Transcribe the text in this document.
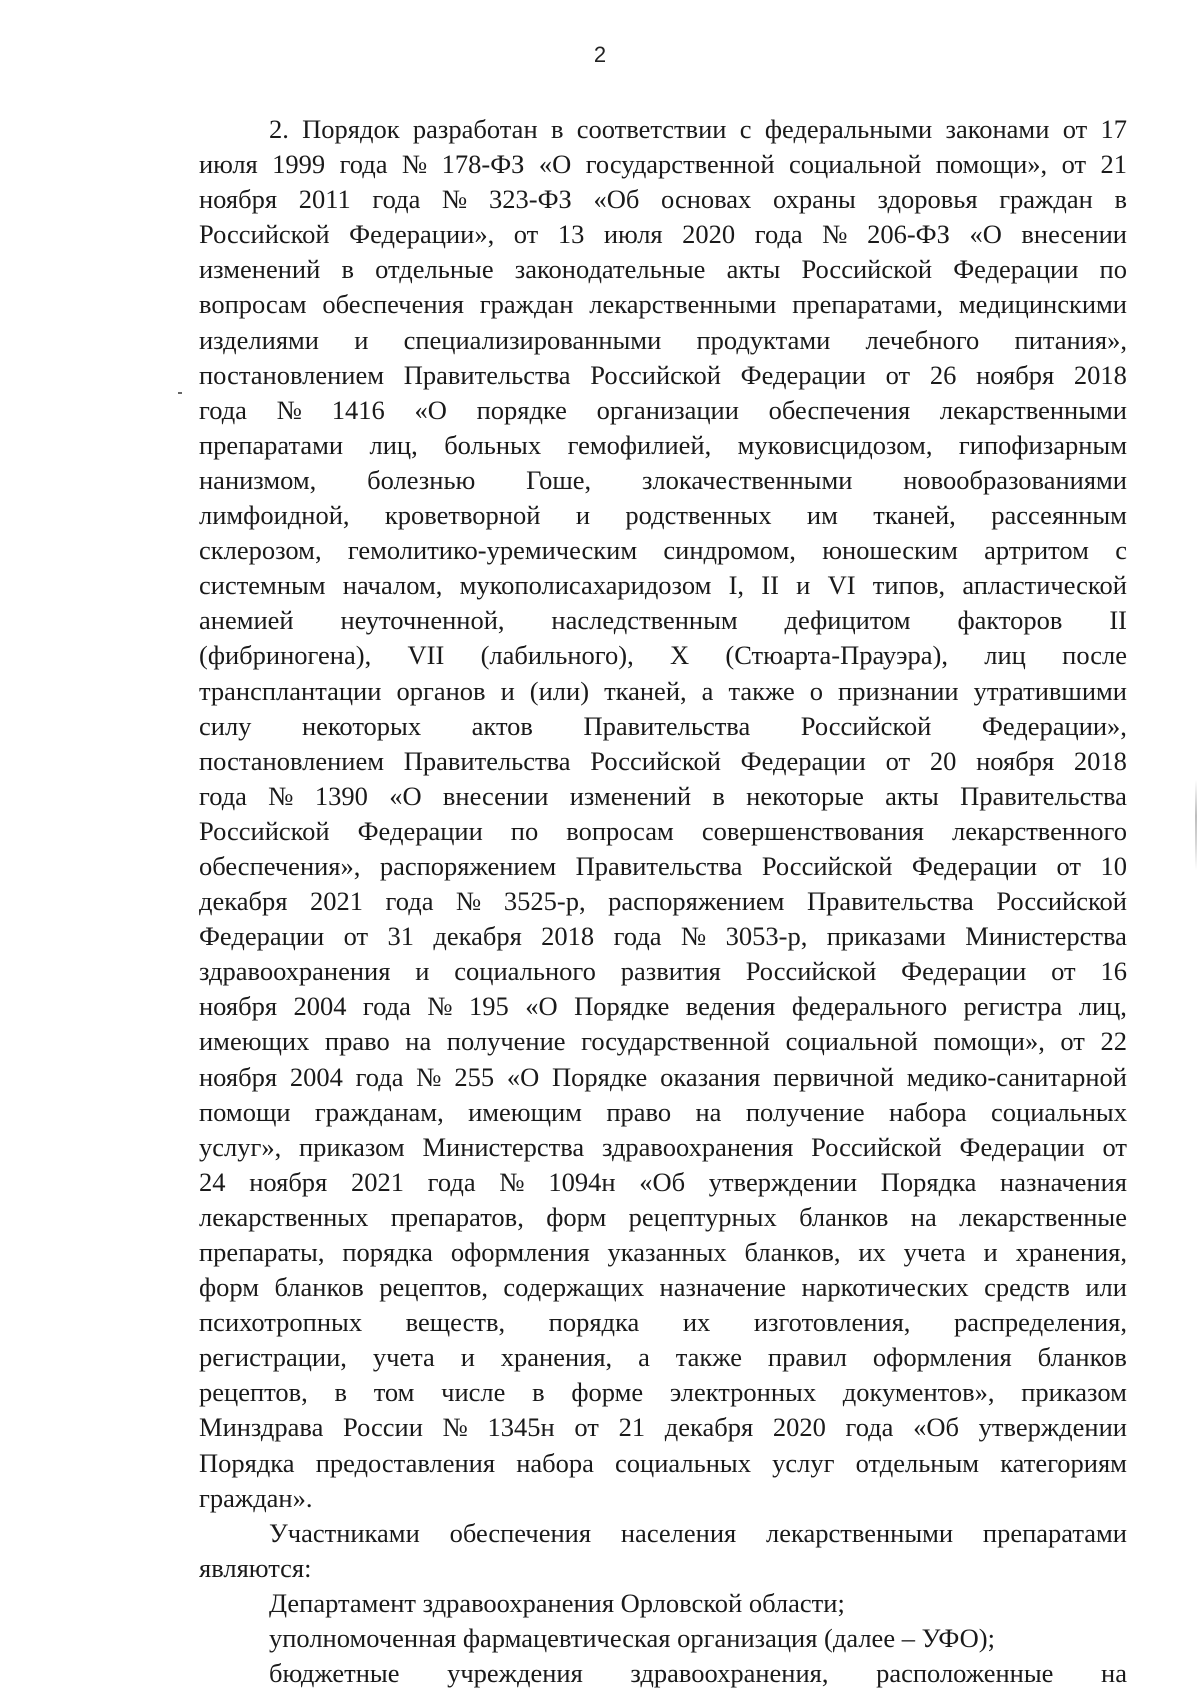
2
2. Порядок разработан в соответствии с федеральными законами от 17
июля 1999 года № 178-ФЗ «О государственной социальной помощи», от 21
ноября 2011 года № 323-ФЗ «Об основах охраны здоровья граждан в
Российской Федерации», от 13 июля 2020 года № 206-ФЗ «О внесении
изменений в отдельные законодательные акты Российской Федерации по
вопросам обеспечения граждан лекарственными препаратами, медицинскими
изделиями и специализированными продуктами лечебного питания»,
постановлением Правительства Российской Федерации от 26 ноября 2018
года № 1416 «О порядке организации обеспечения лекарственными
препаратами лиц, больных гемофилией, муковисцидозом, гипофизарным
нанизмом, болезнью Гоше, злокачественными новообразованиями
лимфоидной, кроветворной и родственных им тканей, рассеянным
склерозом, гемолитико-уремическим синдромом, юношеским артритом с
системным началом, мукополисахаридозом I, II и VI типов, апластической
анемией неуточненной, наследственным дефицитом факторов II
(фибриногена), VII (лабильного), X (Стюарта-Прауэра), лиц после
трансплантации органов и (или) тканей, а также о признании утратившими
силу некоторых актов Правительства Российской Федерации»,
постановлением Правительства Российской Федерации от 20 ноября 2018
года № 1390 «О внесении изменений в некоторые акты Правительства
Российской Федерации по вопросам совершенствования лекарственного
обеспечения», распоряжением Правительства Российской Федерации от 10
декабря 2021 года № 3525-р, распоряжением Правительства Российской
Федерации от 31 декабря 2018 года № 3053-р, приказами Министерства
здравоохранения и социального развития Российской Федерации от 16
ноября 2004 года № 195 «О Порядке ведения федерального регистра лиц,
имеющих право на получение государственной социальной помощи», от 22
ноября 2004 года № 255 «О Порядке оказания первичной медико-санитарной
помощи гражданам, имеющим право на получение набора социальных
услуг», приказом Министерства здравоохранения Российской Федерации от
24 ноября 2021 года № 1094н «Об утверждении Порядка назначения
лекарственных препаратов, форм рецептурных бланков на лекарственные
препараты, порядка оформления указанных бланков, их учета и хранения,
форм бланков рецептов, содержащих назначение наркотических средств или
психотропных веществ, порядка их изготовления, распределения,
регистрации, учета и хранения, а также правил оформления бланков
рецептов, в том числе в форме электронных документов», приказом
Минздрава России № 1345н от 21 декабря 2020 года «Об утверждении
Порядка предоставления набора социальных услуг отдельным категориям
граждан».
Участниками обеспечения населения лекарственными препаратами
являются:
Департамент
здравоохранения
Орловской
области;
уполномоченная
фармацевтическая
организация
(далее
–
УФО);
бюджетные учреждения здравоохранения, расположенные на
